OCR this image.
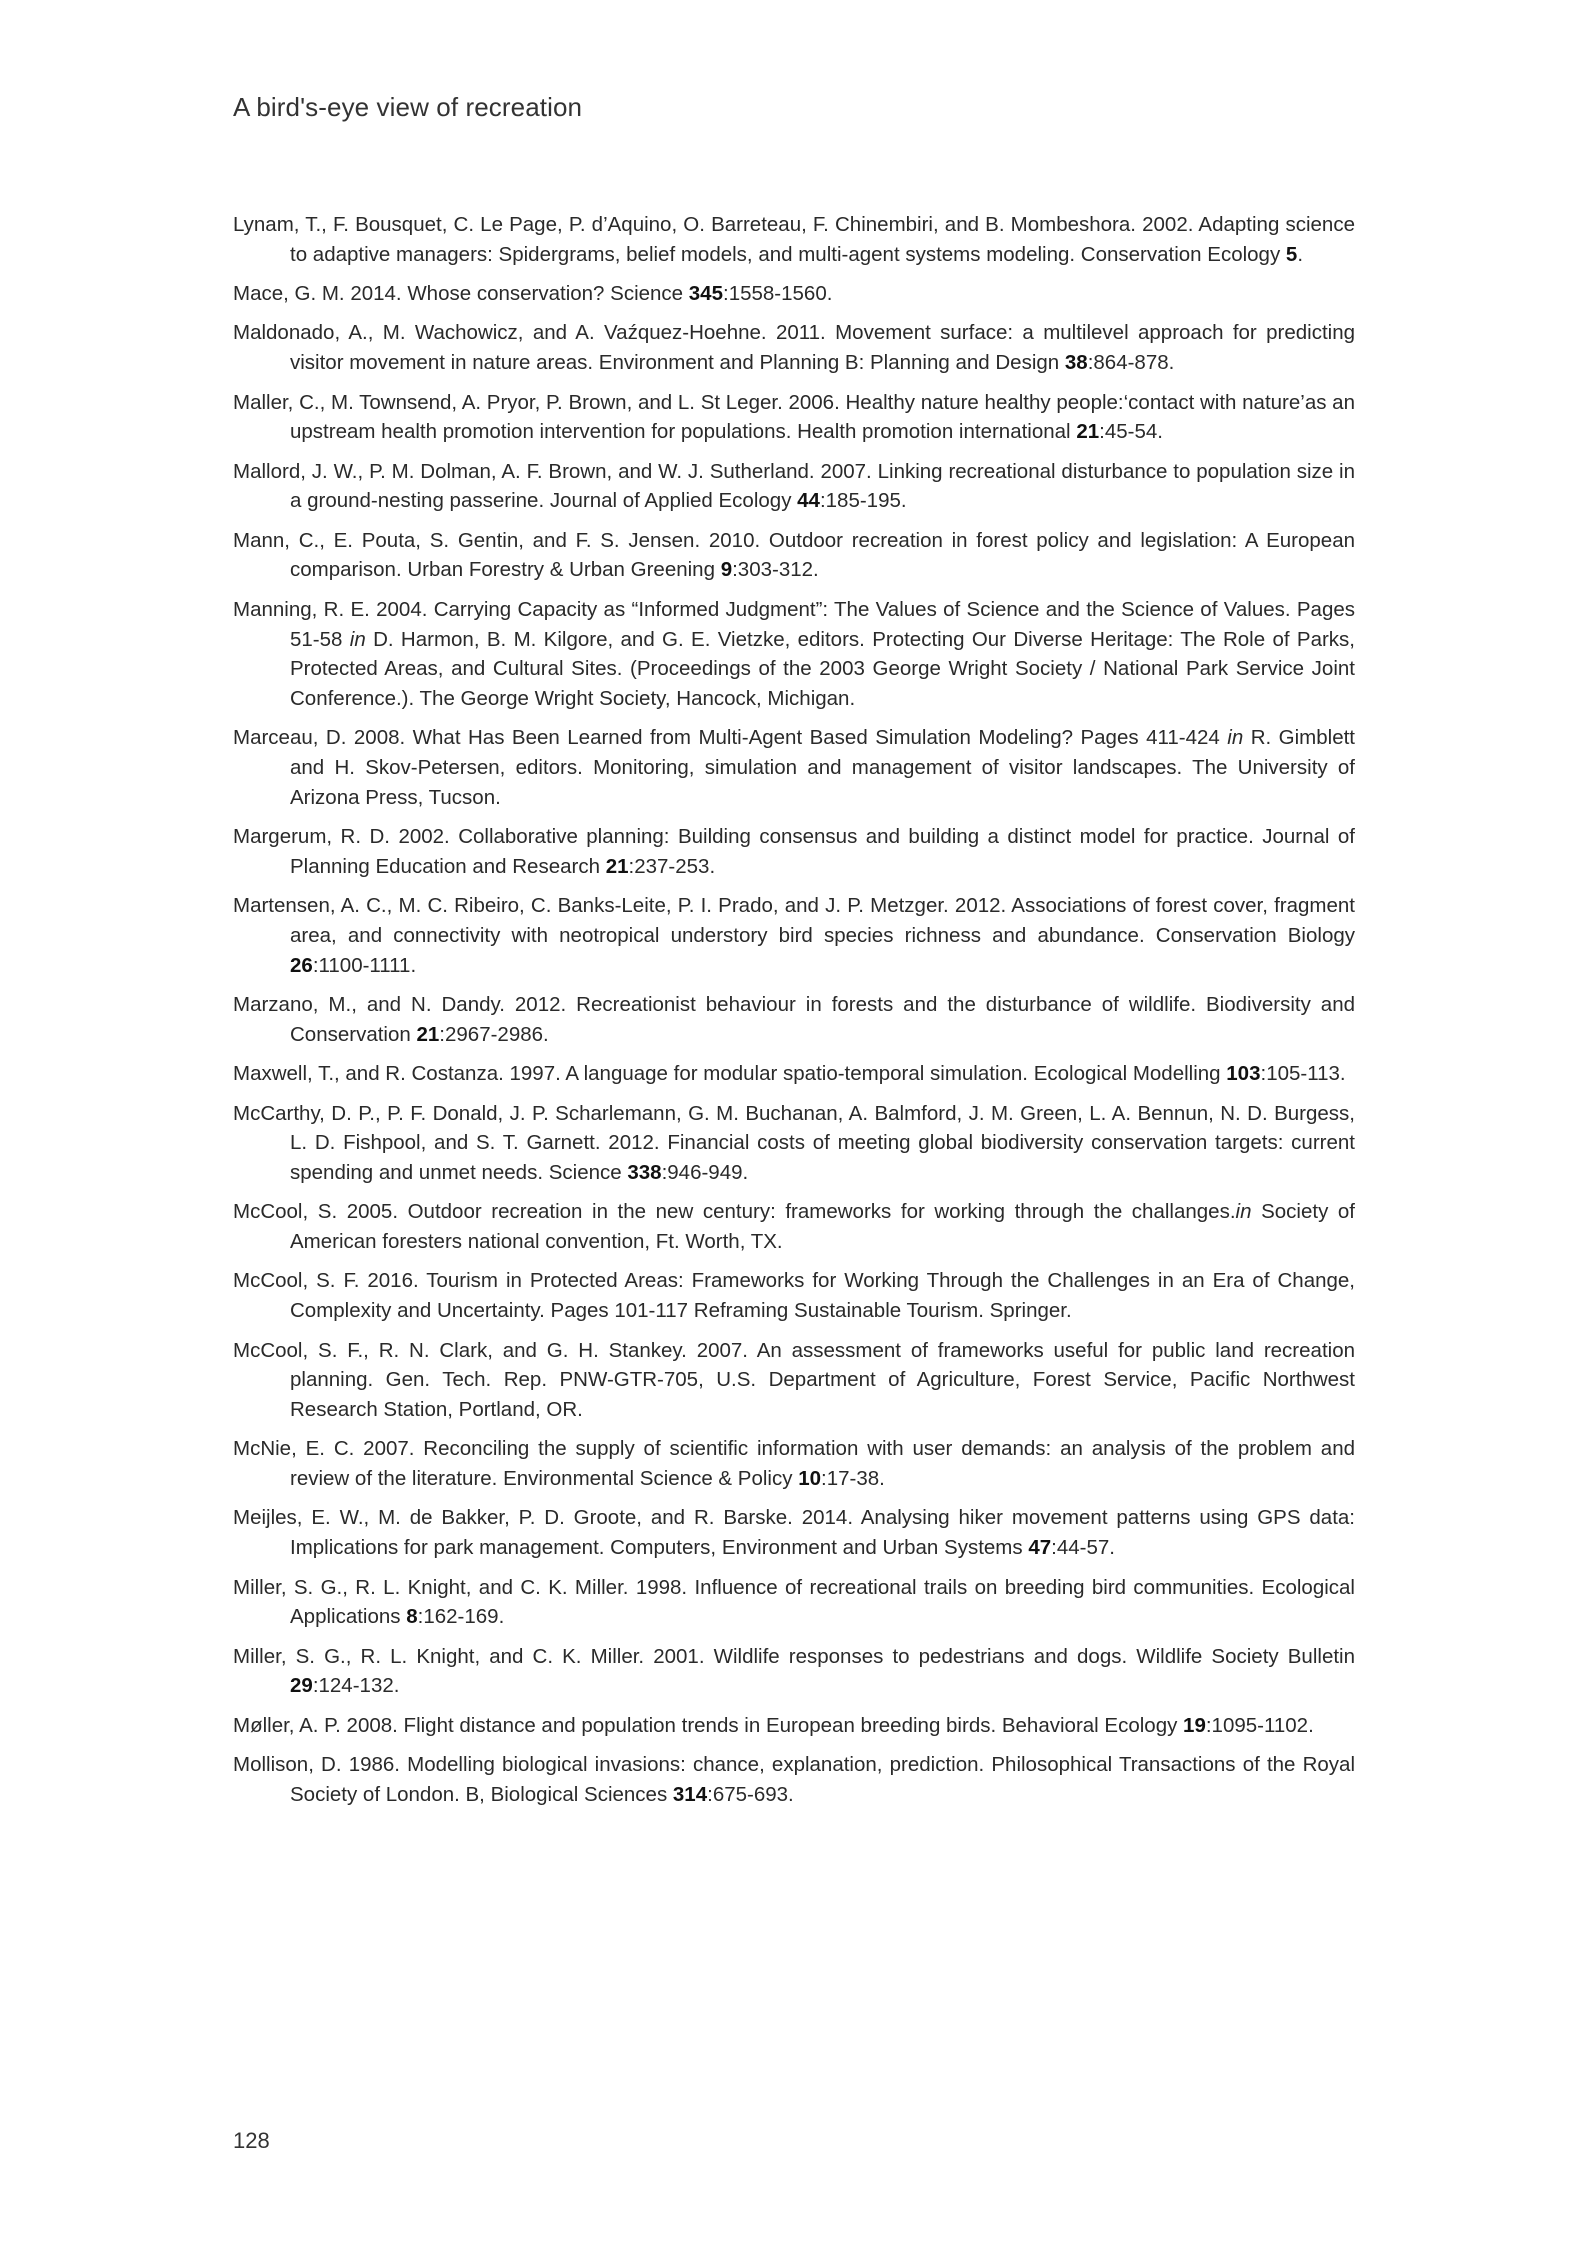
A bird's-eye view of recreation

Lynam, T., F. Bousquet, C. Le Page, P. d’Aquino, O. Barreteau, F. Chinembiri, and B. Mombeshora. 2002. Adapting science to adaptive managers: Spidergrams, belief models, and multi-agent systems modeling. Conservation Ecology 5.

Mace, G. M. 2014. Whose conservation? Science 345:1558-1560.

Maldonado, A., M. Wachowicz, and A. Vaźquez-Hoehne. 2011. Movement surface: a multilevel approach for predicting visitor movement in nature areas. Environment and Planning B: Planning and Design 38:864-878.

Maller, C., M. Townsend, A. Pryor, P. Brown, and L. St Leger. 2006. Healthy nature healthy people:‘contact with nature’as an upstream health promotion intervention for populations. Health promotion international 21:45-54.

Mallord, J. W., P. M. Dolman, A. F. Brown, and W. J. Sutherland. 2007. Linking recreational disturbance to population size in a ground-nesting passerine. Journal of Applied Ecology 44:185-195.

Mann, C., E. Pouta, S. Gentin, and F. S. Jensen. 2010. Outdoor recreation in forest policy and legislation: A European comparison. Urban Forestry & Urban Greening 9:303-312.

Manning, R. E. 2004. Carrying Capacity as “Informed Judgment”: The Values of Science and the Science of Values. Pages 51-58 in D. Harmon, B. M. Kilgore, and G. E. Vietzke, editors. Protecting Our Diverse Heritage: The Role of Parks, Protected Areas, and Cultural Sites. (Proceedings of the 2003 George Wright Society / National Park Service Joint Conference.). The George Wright Society, Hancock, Michigan.

Marceau, D. 2008. What Has Been Learned from Multi-Agent Based Simulation Modeling? Pages 411-424 in R. Gimblett and H. Skov-Petersen, editors. Monitoring, simulation and management of visitor landscapes. The University of Arizona Press, Tucson.

Margerum, R. D. 2002. Collaborative planning: Building consensus and building a distinct model for practice. Journal of Planning Education and Research 21:237-253.

Martensen, A. C., M. C. Ribeiro, C. Banks-Leite, P. I. Prado, and J. P. Metzger. 2012. Associations of forest cover, fragment area, and connectivity with neotropical understory bird species richness and abundance. Conservation Biology 26:1100-1111.

Marzano, M., and N. Dandy. 2012. Recreationist behaviour in forests and the disturbance of wildlife. Biodiversity and Conservation 21:2967-2986.

Maxwell, T., and R. Costanza. 1997. A language for modular spatio-temporal simulation. Ecological Modelling 103:105-113.

McCarthy, D. P., P. F. Donald, J. P. Scharlemann, G. M. Buchanan, A. Balmford, J. M. Green, L. A. Bennun, N. D. Burgess, L. D. Fishpool, and S. T. Garnett. 2012. Financial costs of meeting global biodiversity conservation targets: current spending and unmet needs. Science 338:946-949.

McCool, S. 2005. Outdoor recreation in the new century: frameworks for working through the challanges.in Society of American foresters national convention, Ft. Worth, TX.

McCool, S. F. 2016. Tourism in Protected Areas: Frameworks for Working Through the Challenges in an Era of Change, Complexity and Uncertainty. Pages 101-117 Reframing Sustainable Tourism. Springer.

McCool, S. F., R. N. Clark, and G. H. Stankey. 2007. An assessment of frameworks useful for public land recreation planning. Gen. Tech. Rep. PNW-GTR-705, U.S. Department of Agriculture, Forest Service, Pacific Northwest Research Station, Portland, OR.

McNie, E. C. 2007. Reconciling the supply of scientific information with user demands: an analysis of the problem and review of the literature. Environmental Science & Policy 10:17-38.

Meijles, E. W., M. de Bakker, P. D. Groote, and R. Barske. 2014. Analysing hiker movement patterns using GPS data: Implications for park management. Computers, Environment and Urban Systems 47:44-57.

Miller, S. G., R. L. Knight, and C. K. Miller. 1998. Influence of recreational trails on breeding bird communities. Ecological Applications 8:162-169.

Miller, S. G., R. L. Knight, and C. K. Miller. 2001. Wildlife responses to pedestrians and dogs. Wildlife Society Bulletin 29:124-132.

Møller, A. P. 2008. Flight distance and population trends in European breeding birds. Behavioral Ecology 19:1095-1102.

Mollison, D. 1986. Modelling biological invasions: chance, explanation, prediction. Philosophical Transactions of the Royal Society of London. B, Biological Sciences 314:675-693.

128
